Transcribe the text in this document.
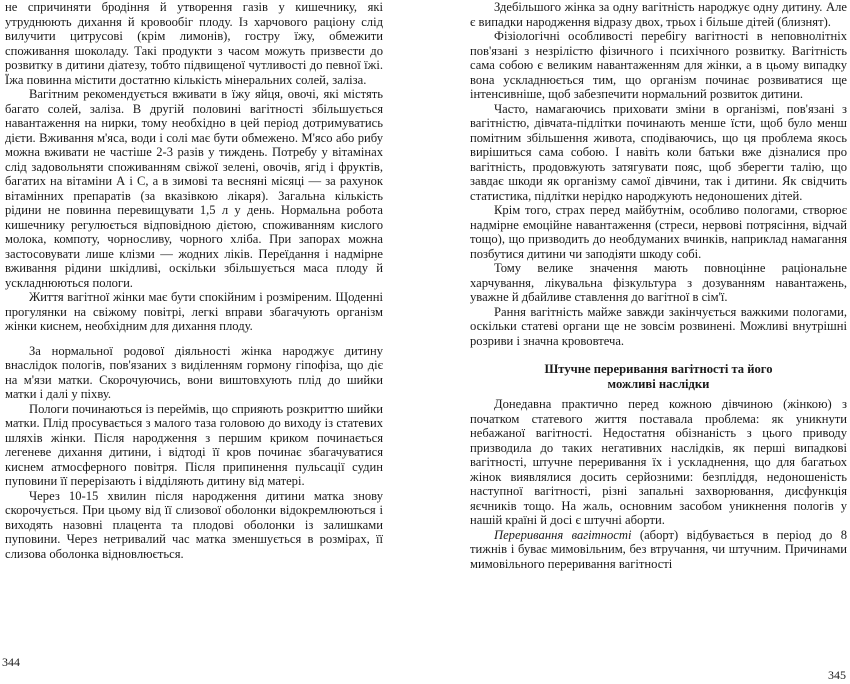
не спричиняти бродіння й утворення газів у кишечнику, які утруднюють дихання й кровообіг плоду. Із харчового раціону слід вилучити цитрусові (крім лимонів), гостру їжу, обмежити споживання шоколаду. Такі продукти з часом можуть призвести до розвитку в дитини діатезу, тобто підвищеної чутливості до певної їжі. Їжа повинна містити достатню кількість мінеральних солей, заліза.

Вагітним рекомендується вживати в їжу яйця, овочі, які містять багато солей, заліза. В другій половині вагітності збільшується навантаження на нирки, тому необхідно в цей період дотримуватись дієти. Вживання м'яса, води і солі має бути обмежено. М'ясо або рибу можна вживати не частіше 2-3 разів у тиждень. Потребу у вітамінах слід задовольняти споживанням свіжої зелені, овочів, ягід і фруктів, багатих на вітаміни А і С, а в зимові та весняні місяці — за рахунок вітамінних препаратів (за вказівкою лікаря). Загальна кількість рідини не повинна перевищувати 1,5 л у день. Нормальна робота кишечнику регулюється відповідною дієтою, споживанням кислого молока, компоту, чорносливу, чорного хліба. При запорах можна застосовувати лише клізми — жодних ліків. Переїдання і надмірне вживання рідини шкідливі, оскільки збільшується маса плоду й ускладнюються пологи.

Життя вагітної жінки має бути спокійним і розміреним. Щоденні прогулянки на свіжому повітрі, легкі вправи збагачують організм жінки киснем, необхідним для дихання плоду.

За нормальної родової діяльності жінка народжує дитину внаслідок пологів, пов'язаних з виділенням гормону гіпофіза, що діє на м'язи матки. Скорочуючись, вони виштовхують плід до шийки матки і далі у піхву.

Пологи починаються із переймів, що сприяють розкриттю шийки матки. Плід просувається з малого таза головою до виходу із статевих шляхів жінки. Після народження з першим криком починається легеневе дихання дитини, і відтоді її кров починає збагачуватися киснем атмосферного повітря. Після припинення пульсації судин пуповини її перерізають і відділяють дитину від матері.

Через 10-15 хвилин після народження дитини матка знову скорочується. При цьому від її слизової оболонки відокремлюються і виходять назовні плацента та плодові оболонки із залишками пуповини. Через нетривалий час матка зменшується в розмірах, її слизова оболонка відновлюється.

344

Здебільшого жінка за одну вагітність народжує одну дитину. Але є випадки народження відразу двох, трьох і більше дітей (близнят).

Фізіологічні особливості перебігу вагітності в неповнолітніх пов'язані з незрілістю фізичного і психічного розвитку. Вагітність сама собою є великим навантаженням для жінки, а в цьому випадку вона ускладнюється тим, що організм починає розвиватися ще інтенсивніше, щоб забезпечити нормальний розвиток дитини.

Часто, намагаючись приховати зміни в організмі, пов'язані з вагітністю, дівчата-підлітки починають менше їсти, щоб було менш помітним збільшення живота, сподіваючись, що ця проблема якось вирішиться сама собою. І навіть коли батьки вже дізналися про вагітність, продовжують затягувати пояс, щоб зберегти талію, що завдає шкоди як організму самої дівчини, так і дитини. Як свідчить статистика, підлітки нерідко народжують недоношених дітей.

Крім того, страх перед майбутнім, особливо пологами, створює надмірне емоційне навантаження (стреси, нервові потрясіння, відчай тощо), що призводить до необдуманих вчинків, наприклад намагання позбутися дитини чи заподіяти шкоду собі.

Тому велике значення мають повноцінне раціональне харчування, лікувальна фізкультура з дозуванням навантажень, уважне й дбайливе ставлення до вагітної в сім'ї.

Рання вагітність майже завжди закінчується важкими пологами, оскільки статеві органи ще не зовсім розвинені. Можливі внутрішні розриви і значна крововтеча.

Штучне переривання вагітності та його
можливі наслідки

Донедавна практично перед кожною дівчиною (жінкою) з початком статевого життя поставала проблема: як уникнути небажаної вагітності. Недостатня обізнаність з цього приводу призводила до таких негативних наслідків, як перші випадкові вагітності, штучне переривання їх і ускладнення, що для багатьох жінок виявлялися досить серйозними: безпліддя, недоношеність наступної вагітності, різні запальні захворювання, дисфункція яєчників тощо. На жаль, основним засобом уникнення пологів у нашій країні й досі є штучні аборти.

Переривання вагітності (аборт) відбувається в період до 8 тижнів і буває мимовільним, без втручання, чи штучним. Причинами мимовільного переривання вагітності

345
